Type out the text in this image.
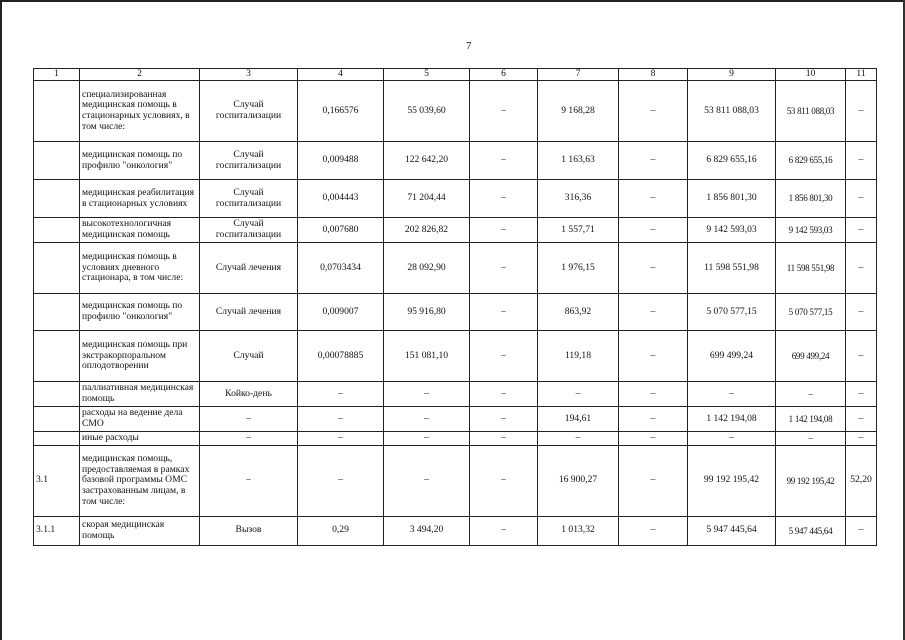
7
1	2	3	4	5	6	7	8	9	10	11
	специализированная медицинская помощь в стационарных условиях, в том числе:	Случай госпитализации	0,166576	55 039,60	–	9 168,28	–	53 811 088,03	53 811 088,03	–
	медицинская помощь по профилю "онкология"	Случай госпитализации	0,009488	122 642,20	–	1 163,63	–	6 829 655,16	6 829 655,16	–
	медицинская реабилитация в стационарных условиях	Случай госпитализации	0,004443	71 204,44	–	316,36	–	1 856 801,30	1 856 801,30	–
	высокотехнологичная медицинская помощь	Случай госпитализации	0,007680	202 826,82	–	1 557,71	–	9 142 593,03	9 142 593,03	–
	медицинская помощь в условиях дневного стационара, в том числе:	Случай лечения	0,0703434	28 092,90	–	1 976,15	–	11 598 551,98	11 598 551,98	–
	медицинская помощь по профилю "онкология"	Случай лечения	0,009007	95 916,80	–	863,92	–	5 070 577,15	5 070 577,15	–
	медицинская помощь при экстракорпоральном оплодотворении	Случай	0,00078885	151 081,10	–	119,18	–	699 499,24	699 499,24	–
	паллиативная медицинская помощь	Койко-день	–	–	–	–	–	–	–	–
	расходы на ведение дела СМО	–	–	–	–	194,61	–	1 142 194,08	1 142 194,08	–
	иные расходы	–	–	–	–	–	–	–	–	–
3.1	медицинская помощь, предоставляемая в рамках базовой программы ОМС застрахованным лицам, в том числе:	–	–	–	–	16 900,27	–	99 192 195,42	99 192 195,42	52,20
3.1.1	скорая медицинская помощь	Вызов	0,29	3 494,20	–	1 013,32	–	5 947 445,64	5 947 445,64	–
